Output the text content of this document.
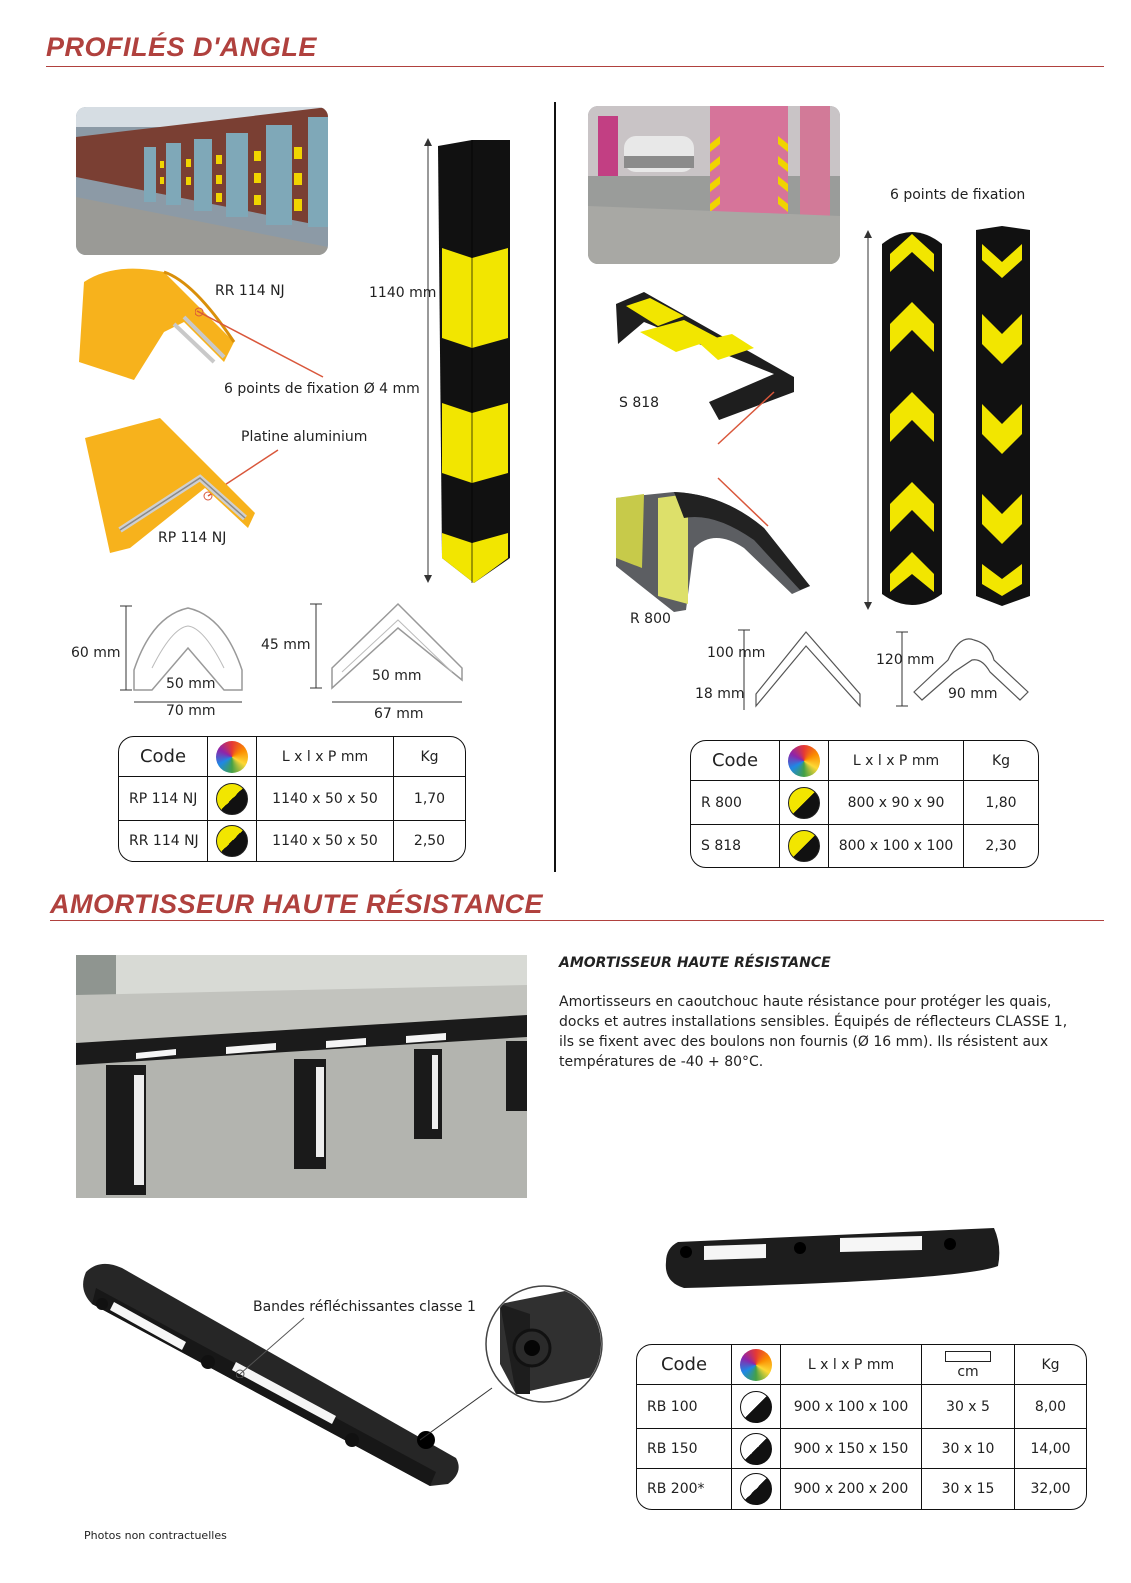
PROFILÉS D'ANGLE
RR 114 NJ
6 points de fixation Ø 4 mm
Platine aluminium
RP 114 NJ
1140 mm
60 mm
50 mm
70 mm
45 mm
50 mm
67 mm
Code		L x l x P mm	Kg
RP 114 NJ		1140 x 50 x 50	1,70
RR 114 NJ		1140 x 50 x 50	2,50
6 points de fixation
S 818
R 800
100 mm
18 mm
120 mm
90 mm
Code		L x l x P mm	Kg
R 800		800 x 90 x 90	1,80
S 818		800 x 100 x 100	2,30
AMORTISSEUR HAUTE RÉSISTANCE
AMORTISSEUR HAUTE RÉSISTANCE
Amortisseurs en caoutchouc haute résistance pour protéger les quais, docks et autres installations sensibles. Équipés de réflecteurs CLASSE 1, ils se fixent avec des boulons non fournis (Ø 16 mm). Ils résistent aux températures de -40 + 80°C.
Bandes réfléchissantes classe 1
Code		L x l x P mm	cm	Kg
RB 100		900 x 100 x 100	30 x 5	8,00
RB 150		900 x 150 x 150	30 x 10	14,00
RB 200*		900 x 200 x 200	30 x 15	32,00
Photos non contractuelles
